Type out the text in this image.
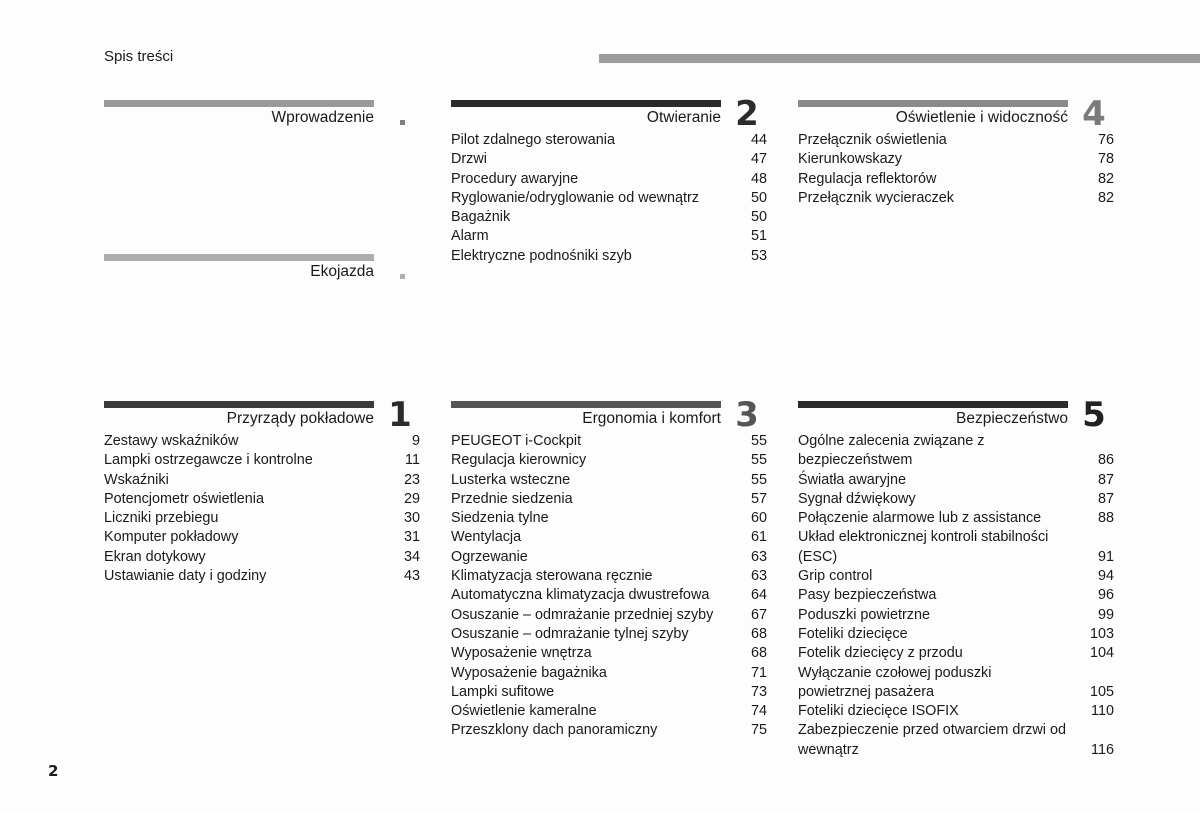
Spis treści
2
Wprowadzenie
Ekojazda
Przyrządy pokładowe 1
Zestawy wskaźników	9
Lampki ostrzegawcze i kontrolne	11
Wskaźniki	23
Potencjometr oświetlenia	29
Liczniki przebiegu	30
Komputer pokładowy	31
Ekran dotykowy	34
Ustawianie daty i godziny	43
Otwieranie 2
Pilot zdalnego sterowania	44
Drzwi	47
Procedury awaryjne	48
Ryglowanie/odryglowanie od wewnątrz	50
Bagażnik	50
Alarm	51
Elektryczne podnośniki szyb	53
Ergonomia i komfort 3
PEUGEOT i-Cockpit	55
Regulacja kierownicy	55
Lusterka wsteczne	55
Przednie siedzenia	57
Siedzenia tylne	60
Wentylacja	61
Ogrzewanie	63
Klimatyzacja sterowana ręcznie	63
Automatyczna klimatyzacja dwustrefowa	64
Osuszanie – odmrażanie przedniej szyby	67
Osuszanie – odmrażanie tylnej szyby	68
Wyposażenie wnętrza	68
Wyposażenie bagażnika	71
Lampki sufitowe	73
Oświetlenie kameralne	74
Przeszklony dach panoramiczny	75
Oświetlenie i widoczność 4
Przełącznik oświetlenia	76
Kierunkowskazy	78
Regulacja reflektorów	82
Przełącznik wycieraczek	82
Bezpieczeństwo 5
Ogólne zalecenia związane z bezpieczeństwem	86
Światła awaryjne	87
Sygnał dźwiękowy	87
Połączenie alarmowe lub z assistance	88
Układ elektronicznej kontroli stabilności (ESC)	91
Grip control	94
Pasy bezpieczeństwa	96
Poduszki powietrzne	99
Foteliki dziecięce	103
Fotelik dziecięcy z przodu	104
Wyłączanie czołowej poduszki powietrznej pasażera	105
Foteliki dziecięce ISOFIX	110
Zabezpieczenie przed otwarciem drzwi od wewnątrz	116
